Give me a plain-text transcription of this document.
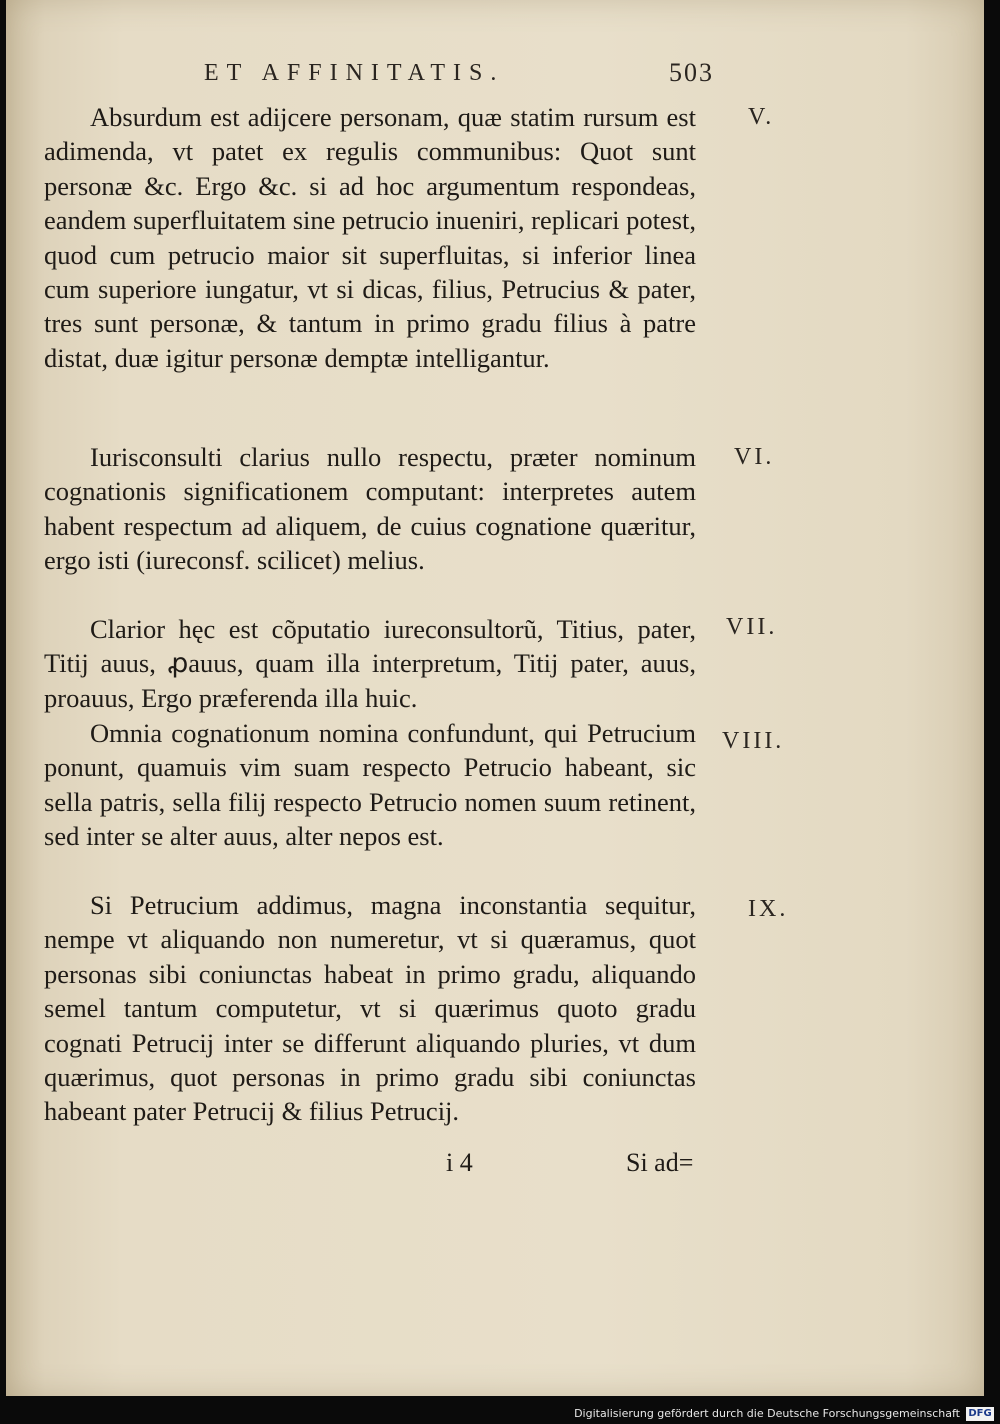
ET AFFINITATIS.	503

Absurdum est adijcere personam, quæ statim rursum est adimenda, vt patet ex regulis communibus: Quot sunt personæ &c. Ergo &c. si ad hoc argumentum respondeas, eandem superfluitatem sine petrucio inueniri, replicari potest, quod cum petrucio maior sit superfluitas, si inferior linea cum superiore iungatur, vt si dicas, filius, Petrucius & pater, tres sunt personæ, & tantum in primo gradu filius à patre distat, duæ igitur personæ demptæ intelligantur.

Iurisconsulti clarius nullo respectu, præter nominum cognationis significationem computant: interpretes autem habent respectum ad aliquem, de cuius cognatione quæritur, ergo isti (iureconsf. scilicet) melius.

Clarior hęc est cõputatio iureconsultorũ, Titius, pater, Titij auus, ꝓauus, quam illa interpretum, Titij pater, auus, proauus, Ergo præferenda illa huic.

Omnia cognationum nomina confundunt, qui Petrucium ponunt, quamuis vim suam respecto Petrucio habeant, sic sella patris, sella filij respecto Petrucio nomen suum retinent, sed inter se alter auus, alter nepos est.

Si Petrucium addimus, magna inconstantia sequitur, nempe vt aliquando non numeretur, vt si quæramus, quot personas sibi coniunctas habeat in primo gradu, aliquando semel tantum computetur, vt si quærimus quoto gradu cognati Petrucij inter se differunt aliquando pluries, vt dum quærimus, quot personas in primo gradu sibi coniunctas habeant pater Petrucij & filius Petrucij.

V.
VI.
VII.
VIII.
IX.
i 4	Si ad=
Digitalisierung gefördert durch die Deutsche Forschungsgemeinschaft DFG
